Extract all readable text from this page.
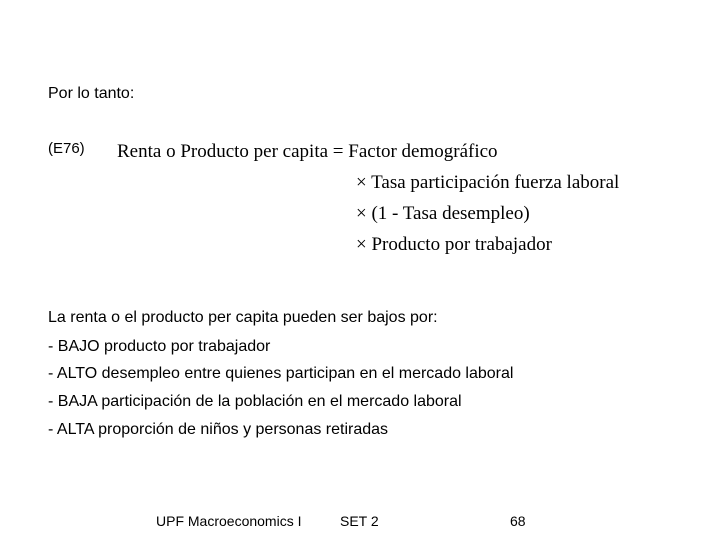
Por lo tanto:
(E76) Renta o Producto per capita = Factor demográfico
× Tasa participación fuerza laboral
× (1 - Tasa desempleo)
× Producto por trabajador
La renta o el producto per capita pueden ser bajos por:
- BAJO producto por trabajador
- ALTO desempleo entre quienes participan en el mercado laboral
- BAJA participación de la población en el mercado laboral
- ALTA proporción de niños y personas retiradas
UPF Macroeconomics I	SET 2	68
